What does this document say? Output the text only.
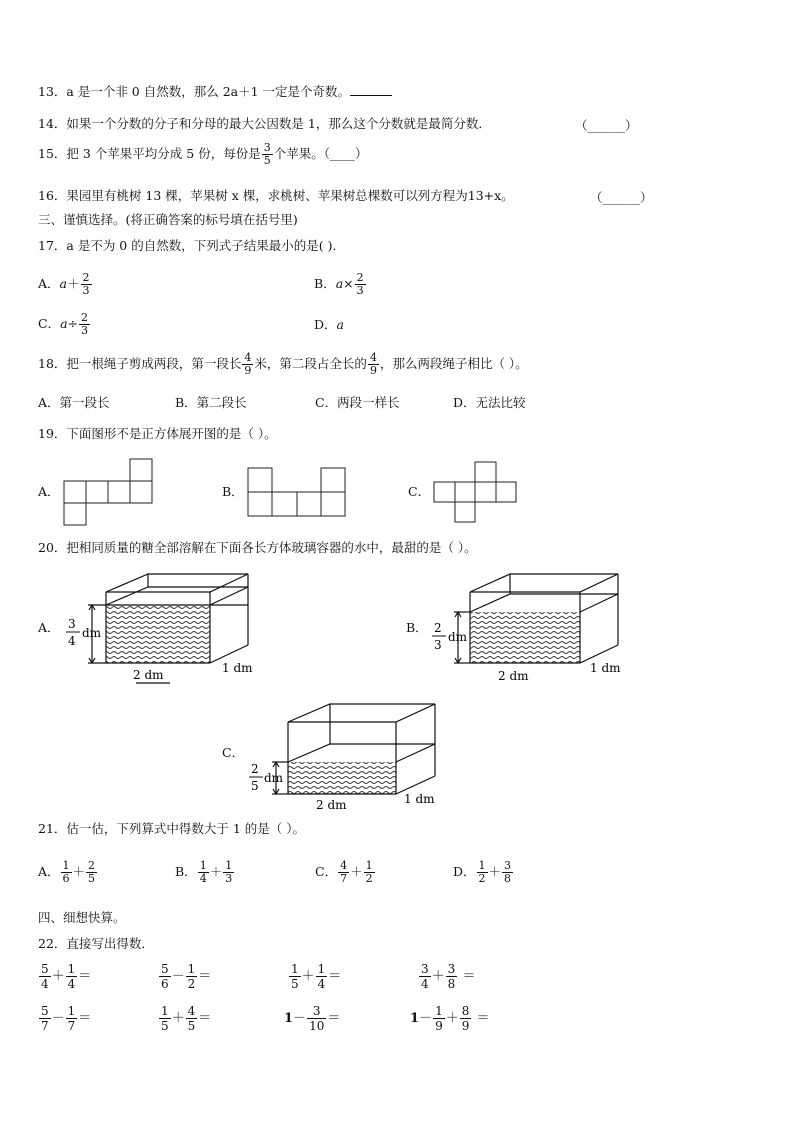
13．a 是一个非 0 自然数，那么 2a＋1 一定是个奇数。
14．如果一个分数的分子和分母的最大公因数是 1，那么这个分数就是最简分数．	（______）
15．把 3 个苹果平均分成 5 份，每份是 $\frac{3}{5}$ 个苹果。（____）
16．果园里有桃树 13 棵，苹果树 x 棵，求桃树、苹果树总棵数可以列方程为13+x。	（______）
三、谨慎选择。(将正确答案的标号填在括号里)
17．a 是不为 0 的自然数，下列式子结果最小的是( )．
A．$a+ \frac{2}{3}$	B．$a\times \frac{2}{3}$
C．$a\div \frac{2}{3}$	D．a
18．把一根绳子剪成两段，第一段长 $\frac{4}{9}$ 米，第二段占全长的 $\frac{4}{9}$ ，那么两段绳子相比（ ）。
A．第一段长	B．第二段长	C．两段一样长	D．无法比较
19．下面图形不是正方体展开图的是（ ）。
A．	B．	C．
20．把相同质量的糖全部溶解在下面各长方体玻璃容器的水中，最甜的是（ ）。
A．	B．
C．
3
4
dm
2 dm	1 dm
2
3
dm
2 dm
1 dm
2
5
dm
2 dm	1 dm
21．估一估，下列算式中得数大于 1 的是（ ）。
A． $\frac{1}{6} + \frac{2}{5}$	B． $\frac{1}{4} + \frac{1}{3}$	C． $\frac{4}{7} + \frac{1}{2}$	D． $\frac{1}{2} + \frac{3}{8}$
四、细想快算。
22．直接写出得数．
$\frac{5}{4} + \frac{1}{4}$ ＝	$\frac{5}{6} - \frac{1}{2}$ ＝	$\frac{1}{5} + \frac{1}{4}$ ＝	$\frac{3}{4} + \frac{3}{8}$ ＝
$\frac{5}{7} - \frac{1}{7}$ ＝	$\frac{1}{5} + \frac{4}{5}$ ＝	$1- \frac{3}{10}$ ＝	$1- \frac{1}{9} + \frac{8}{9}$ ＝
